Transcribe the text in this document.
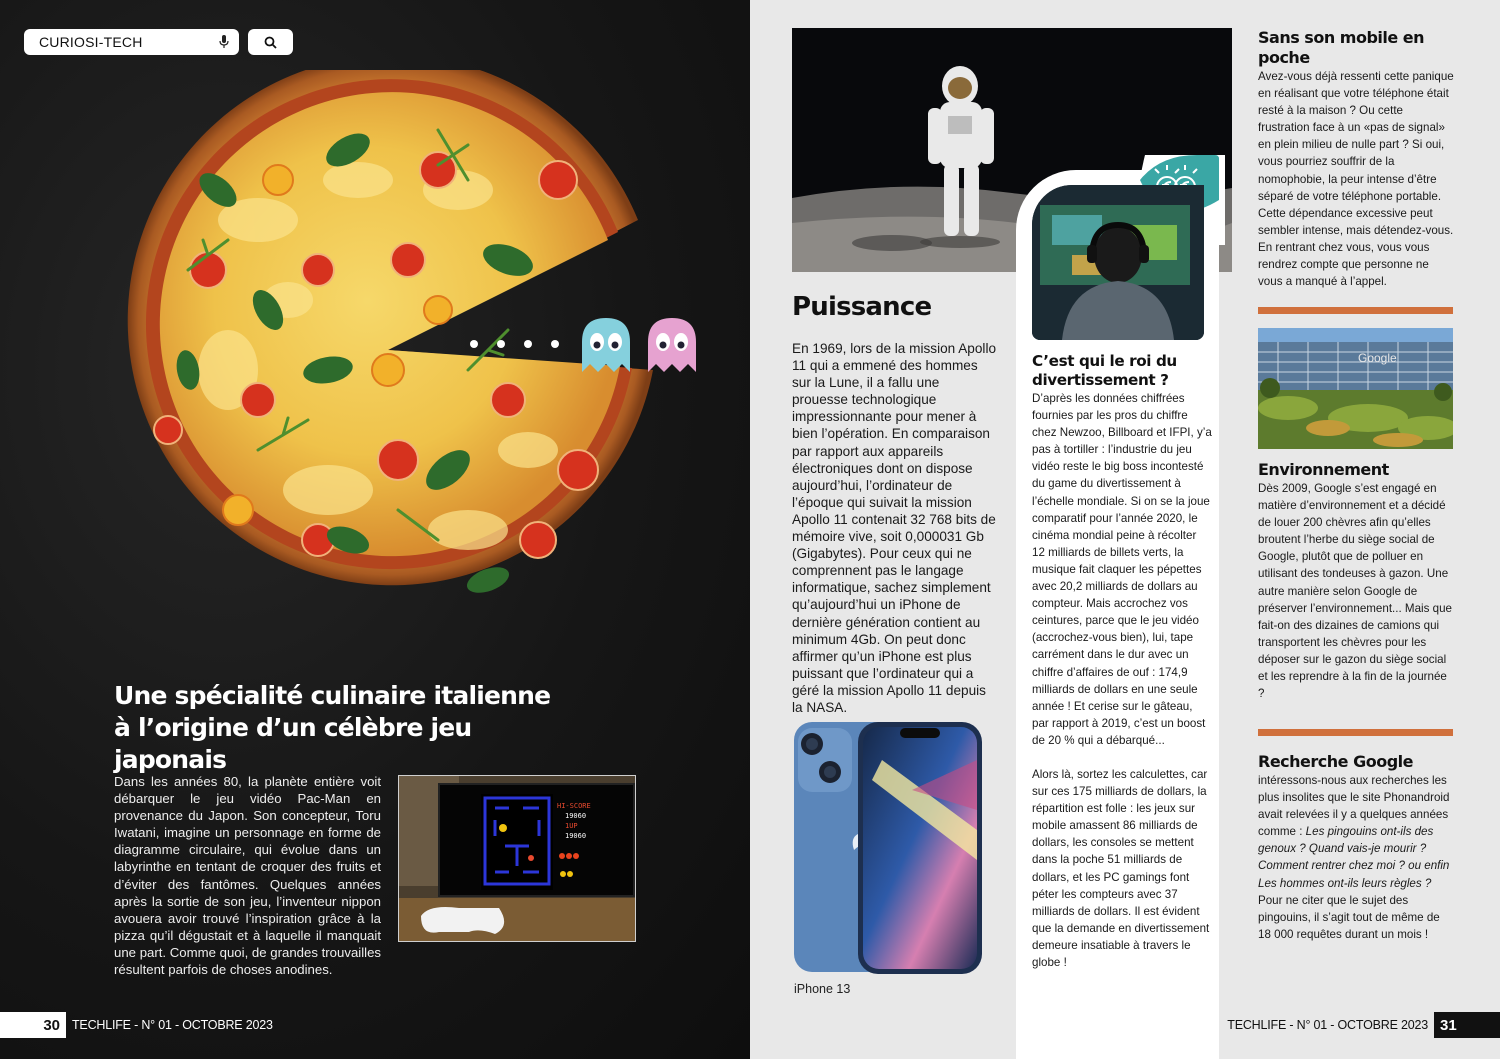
CURIOSI-TECH
Une spécialité culinaire italienne à l’origine d’un célèbre jeu japonais

Dans les années 80, la planète entière voit débarquer le jeu vidéo Pac-Man en provenance du Japon. Son concepteur, Toru Iwatani, imagine un personnage en forme de diagramme circulaire, qui évolue dans un labyrinthe en tentant de croquer des fruits et d’éviter des fantômes. Quelques années après la sortie de son jeu, l’inventeur nippon avouera avoir trouvé l’inspiration grâce à la pizza qu’il dégustait et à laquelle il manquait une part. Comme quoi, de grandes trouvailles résultent parfois de choses anodines.

HI-SCORE
19060
1UP
19060
30 TECHLIFE - N° 01 - OCTOBRE 2023
Puissance

En 1969, lors de la mission Apollo 11 qui a emmené des hommes sur la Lune, il a fallu une prouesse technologique impressionnante pour mener à bien l’opération. En comparaison par rapport aux appareils électroniques dont on dispose aujourd’hui, l’ordinateur de l’époque qui suivait la mission Apollo 11 contenait 32 768 bits de mémoire vive, soit 0,000031 Gb (Gigabytes). Pour ceux qui ne comprennent pas le langage informatique, sachez simplement qu’aujourd’hui un iPhone de dernière génération contient au minimum 4Gb. On peut donc affirmer qu’un iPhone est plus puissant que l’ordinateur qui a géré la mission Apollo 11 depuis la NASA.

iPhone 13
C’est qui le roi du divertissement ?

D’après les données chiffrées fournies par les pros du chiffre chez Newzoo, Billboard et IFPI, y’a pas à tortiller : l’industrie du jeu vidéo reste le big boss incontesté du game du divertissement à l’échelle mondiale. Si on se la joue comparatif pour l’année 2020, le cinéma mondial peine à récolter 12 milliards de billets verts, la musique fait claquer les pépettes avec 20,2 milliards de dollars au compteur. Mais accrochez vos ceintures, parce que le jeu vidéo (accrochez-vous bien), lui, tape carrément dans le dur avec un chiffre d’affaires de ouf : 174,9 milliards de dollars en une seule année ! Et cerise sur le gâteau, par rapport à 2019, c’est un boost de 20 % qui a débarqué...

Alors là, sortez les calculettes, car sur ces 175 milliards de dollars, la répartition est folle : les jeux sur mobile amassent 86 milliards de dollars, les consoles se mettent dans la poche 51 milliards de dollars, et les PC gamings font péter les compteurs avec 37 milliards de dollars. Il est évident que la demande en divertissement demeure insatiable à travers le globe !

Sans son mobile en poche

Avez-vous déjà ressenti cette panique en réalisant que votre téléphone était resté à la maison ? Ou cette frustration face à un «pas de signal» en plein milieu de nulle part ? Si oui, vous pourriez souffrir de la nomophobie, la peur intense d’être séparé de votre téléphone portable. Cette dépendance excessive peut sembler intense, mais détendez-vous. En rentrant chez vous, vous vous rendrez compte que personne ne vous a manqué à l’appel.

Google
Environnement

Dès 2009, Google s’est engagé en matière d’environnement et a décidé de louer 200 chèvres afin qu’elles broutent l’herbe du siège social de Google, plutôt que de polluer en utilisant des tondeuses à gazon. Une autre manière selon Google de préserver l’environnement... Mais que fait-on des dizaines de camions qui transportent les chèvres pour les déposer sur le gazon du siège social et les reprendre à la fin de la journée ?

Recherche Google

intéressons-nous aux recherches les plus insolites que le site Phonandroid avait relevées il y a quelques années comme : Les pingouins ont-ils des genoux ? Quand vais-je mourir ? Comment rentrer chez moi ? ou enfin Les hommes ont-ils leurs règles ? Pour ne citer que le sujet des pingouins, il s’agit tout de même de 18 000 requêtes durant un mois !

TECHLIFE - N° 01 - OCTOBRE 2023 31
